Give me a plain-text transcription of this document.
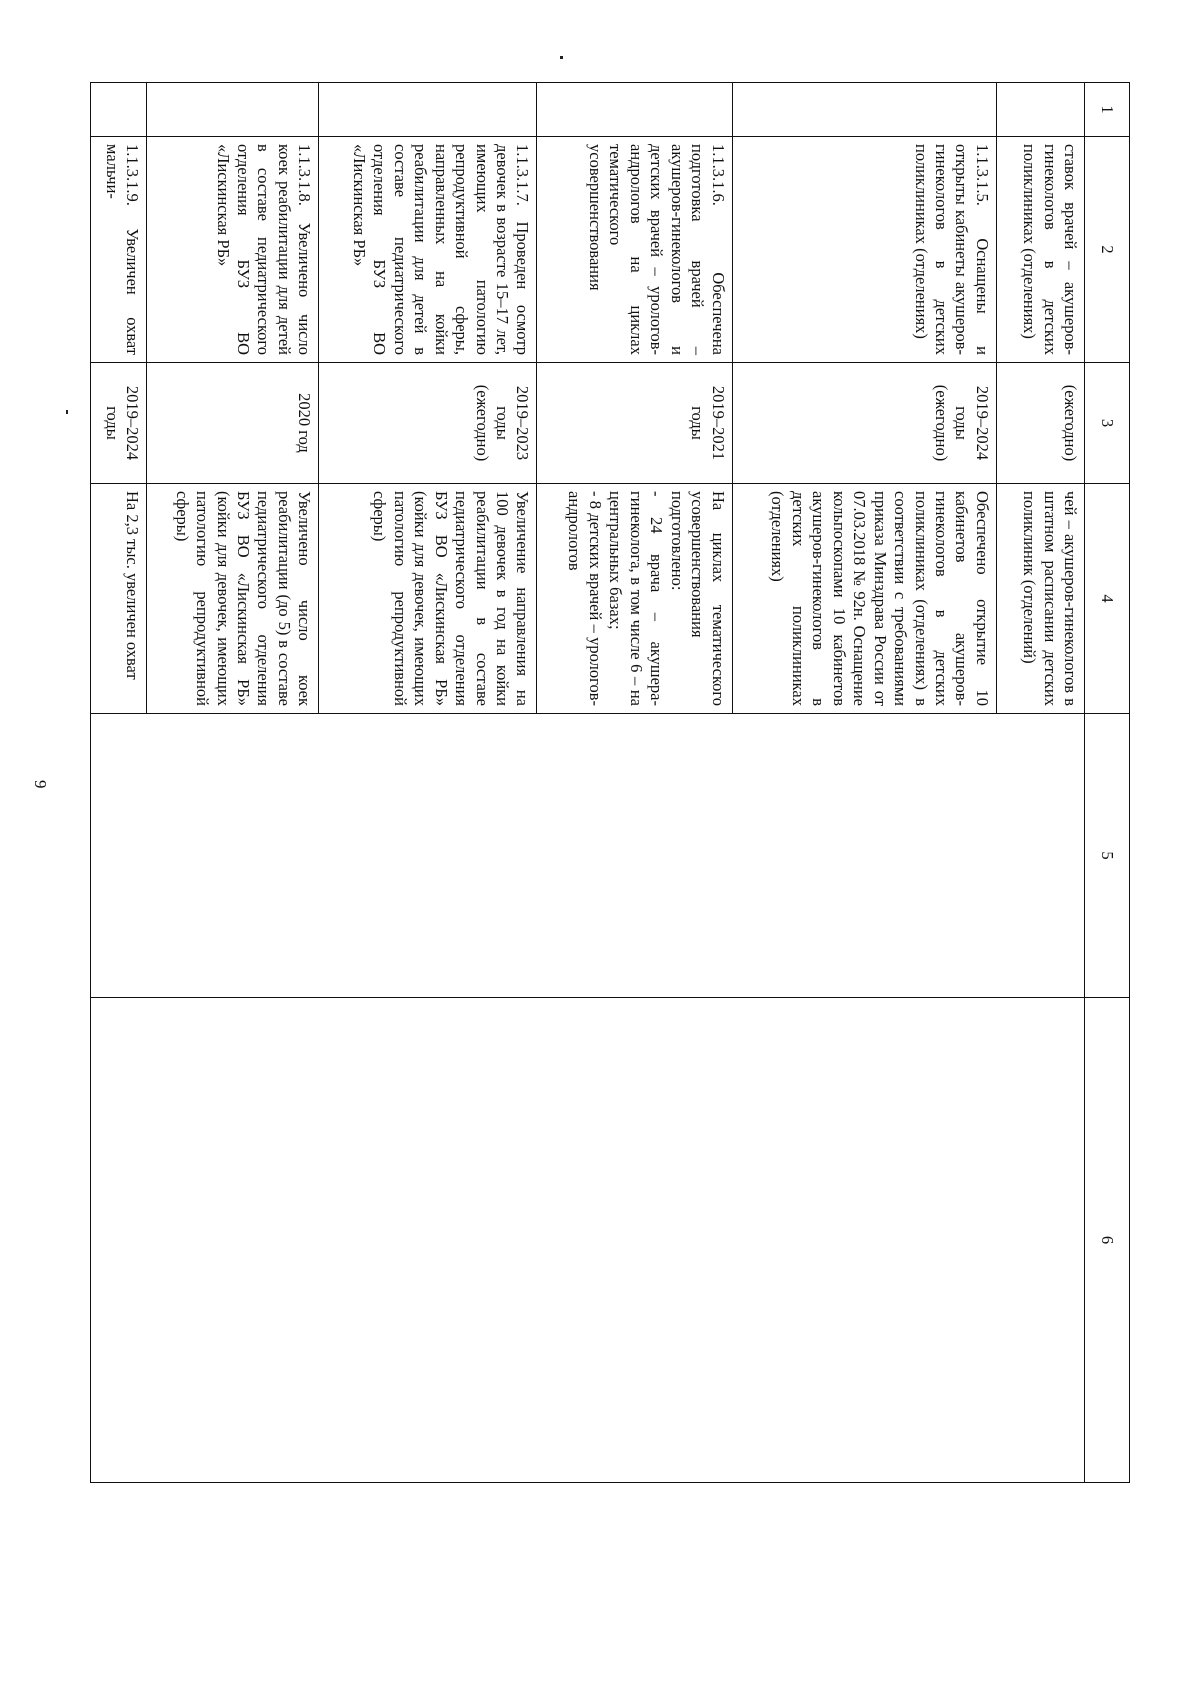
9
1	2	3	4	5	6
	ставок врачей – акушеров-гинекологов в детских поликлиниках (отделениях)	(ежегодно)	чей – акушеров-гинекологов в штатном расписании детских поликлиник (отделений)		
	1.1.3.1.5. Оснащены и открыты кабинеты акушеров-гинекологов в детских поликлиниках (отделениях)	2019–2024 годы (ежегодно)	Обеспечено открытие 10 кабинетов акушеров-гинекологов в детских поликлиниках (отделениях) в соответствии с требованиями приказа Минздрава России от 07.03.2018 № 92н. Оснащение кольпоскопами 10 кабинетов акушеров-гинекологов в детских поликлиниках (отделениях)		
	1.1.3.1.6. Обеспечена подготовка врачей – акушеров-гинекологов и детских врачей – урологов-андрологов на циклах тематического усовершенствования	2019–2021 годы	На циклах тематического усовершенствования подготовлено:
- 24 врача – акушера-гинеколога, в том числе 6 – на центральных базах;
- 8 детских врачей – урологов-андрологов		
	1.1.3.1.7. Проведен осмотр девочек в возрасте 15–17 лет, имеющих патологию репродуктивной сферы, направленных на койки реабилитации для детей в составе педиатрического отделения БУЗ ВО «Лискинская РБ»	2019–2023 годы (ежегодно)	Увеличение направления на 100 девочек в год на койки реабилитации в составе педиатрического отделения БУЗ ВО «Лискинская РБ» (койки для девочек, имеющих патологию репродуктивной сферы)		
	1.1.3.1.8. Увеличено число коек реабилитации для детей в составе педиатрического отделения БУЗ ВО «Лискинская РБ»	2020 год	Увеличено число коек реабилитации (до 5) в составе педиатрического отделения БУЗ ВО «Лискинская РБ» (койки для девочек, имеющих патологию репродуктивной сферы)		
	1.1.3.1.9. Увеличен охват мальчи-	2019–2024 годы	На 2,3 тыс. увеличен охват		
